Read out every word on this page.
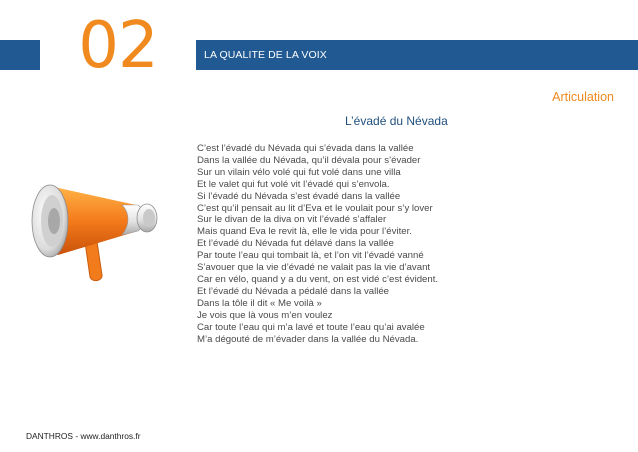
02	LA QUALITE DE LA VOIX
Articulation
L’évadé du Névada
C’est l’évadé du Névada qui s’évada dans la vallée
Dans la vallée du Névada, qu’il dévala pour s’évader
Sur un vilain vélo volé qui fut volé dans une villa
Et le valet qui fut volé vit l’évadé qui s’envola.
Si l’évadé du Névada s’est évadé dans la vallée
C’est qu’il pensait au lit d’Eva et le voulait pour s’y lover
Sur le divan de la diva on vit l’évadé s’affaler
Mais quand Eva le revit là, elle le vida pour l’éviter.
Et l’évadé du Névada fut délavé dans la vallée
Par toute l’eau qui tombait là, et l’on vit l’évadé vanné
S’avouer que la vie d’évadé ne valait pas la vie d’avant
Car en vélo, quand y a du vent, on est vidé c’est évident.
Et l’évadé du Névada a pédalé dans la vallée
Dans la tôle il dit « Me voilà »
Je vois que là vous m’en voulez
Car toute l’eau qui m’a lavé et toute l’eau qu’ai avalée
M’a dégouté de m’évader dans la vallée du Névada.
DANTHROS - www.danthros.fr
